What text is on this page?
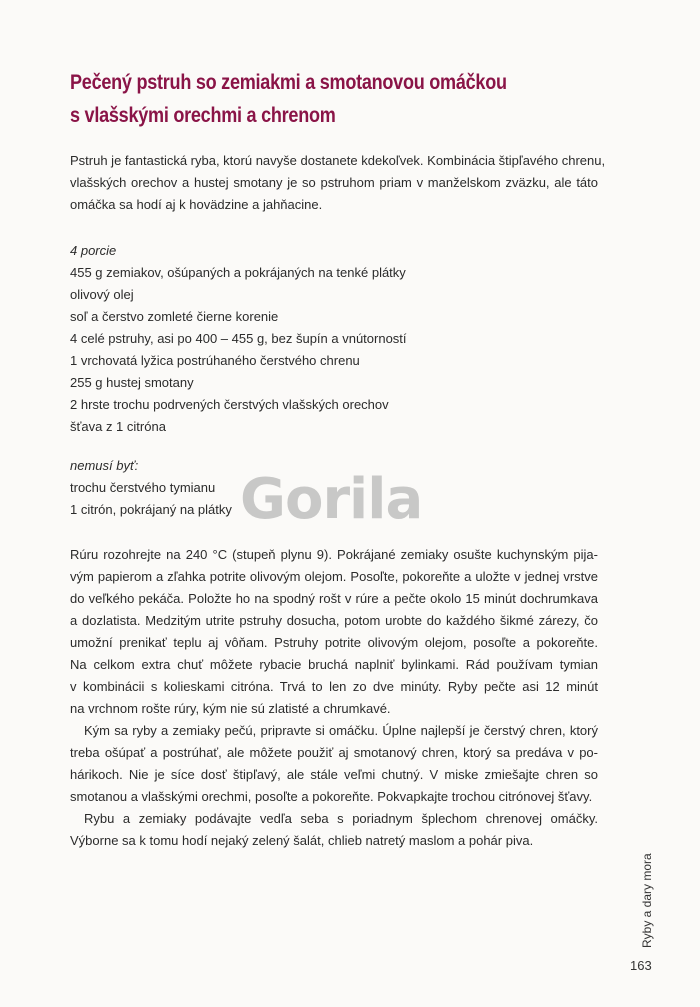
Pečený pstruh so zemiakmi a smotanovou omáčkou
s vlašskými orechmi a chrenom
Pstruh je fantastická ryba, ktorú navyše dostanete kdekoľvek. Kombinácia štipľavého chrenu,
vlašských orechov a hustej smotany je so pstruhom priam v manželskom zväzku, ale táto
omáčka sa hodí aj k hovädzine a jahňacine.
4 porcie
455 g zemiakov, ošúpaných a pokrájaných na tenké plátky
olivový olej
soľ a čerstvo zomleté čierne korenie
4 celé pstruhy, asi po 400 – 455 g, bez šupín a vnútorností
1 vrchovatá lyžica postrúhaného čerstvého chrenu
255 g hustej smotany
2 hrste trochu podrvených čerstvých vlašských orechov
šťava z 1 citróna
nemusí byť:
trochu čerstvého tymianu
1 citrón, pokrájaný na plátky Gorila
Rúru rozohrejte na 240 °C (stupeň plynu 9). Pokrájané zemiaky osušte kuchynským pija-
vým papierom a zľahka potrite olivovým olejom. Posoľte, pokoreňte a uložte v jednej vrstve
do veľkého pekáča. Položte ho na spodný rošt v rúre a pečte okolo 15 minút dochrumkava
a dozlatista. Medzitým utrite pstruhy dosucha, potom urobte do každého šikmé zárezy, čo
umožní prenikať teplu aj vôňam. Pstruhy potrite olivovým olejom, posoľte a pokoreňte.
Na celkom extra chuť môžete rybacie bruchá naplniť bylinkami. Rád používam tymian
v kombinácii s kolieskami citróna. Trvá to len zo dve minúty. Ryby pečte asi 12 minút
na vrchnom rošte rúry, kým nie sú zlatisté a chrumkavé.
Kým sa ryby a zemiaky pečú, pripravte si omáčku. Úplne najlepší je čerstvý chren, ktorý
treba ošúpať a postrúhať, ale môžete použiť aj smotanový chren, ktorý sa predáva v po-
hárikoch. Nie je síce dosť štipľavý, ale stále veľmi chutný. V miske zmiešajte chren so
smotanou a vlašskými orechmi, posoľte a pokoreňte. Pokvapkajte trochou citrónovej šťavy.
Rybu a zemiaky podávajte vedľa seba s poriadnym šplechom chrenovej omáčky.
Výborne sa k tomu hodí nejaký zelený šalát, chlieb natretý maslom a pohár piva.
Ryby a dary mora
163
